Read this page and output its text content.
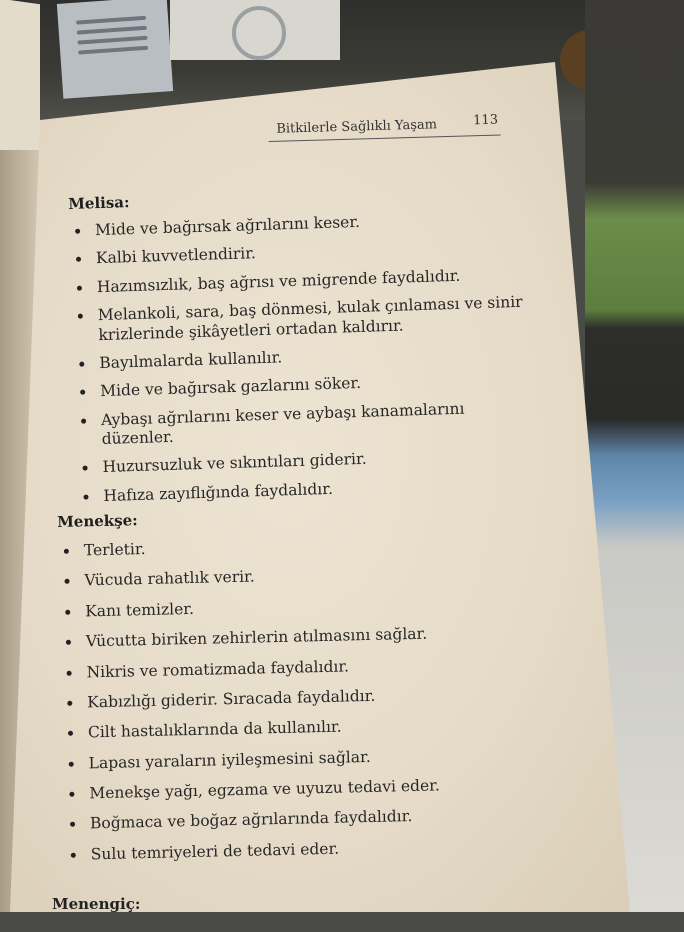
Bitkilerle Sağlıklı Yaşam	113
Melisa:
Mide ve bağırsak ağrılarını keser.
Kalbi kuvvetlendirir.
Hazımsızlık, baş ağrısı ve migrende faydalıdır.
Melankoli, sara, baş dönmesi, kulak çınlaması ve sinir krizlerinde şikâyetleri ortadan kaldırır.
Bayılmalarda kullanılır.
Mide ve bağırsak gazlarını söker.
Aybaşı ağrılarını keser ve aybaşı kanamalarını düzenler.
Huzursuzluk ve sıkıntıları giderir.
Hafıza zayıflığında faydalıdır.
Menekşe:
Terletir.
Vücuda rahatlık verir.
Kanı temizler.
Vücutta biriken zehirlerin atılmasını sağlar.
Nikris ve romatizmada faydalıdır.
Kabızlığı giderir. Sıracada faydalıdır.
Cilt hastalıklarında da kullanılır.
Lapası yaraların iyileşmesini sağlar.
Menekşe yağı, egzama ve uyuzu tedavi eder.
Boğmaca ve boğaz ağrılarında faydalıdır.
Sulu temriyeleri de tedavi eder.
Menengiç:
